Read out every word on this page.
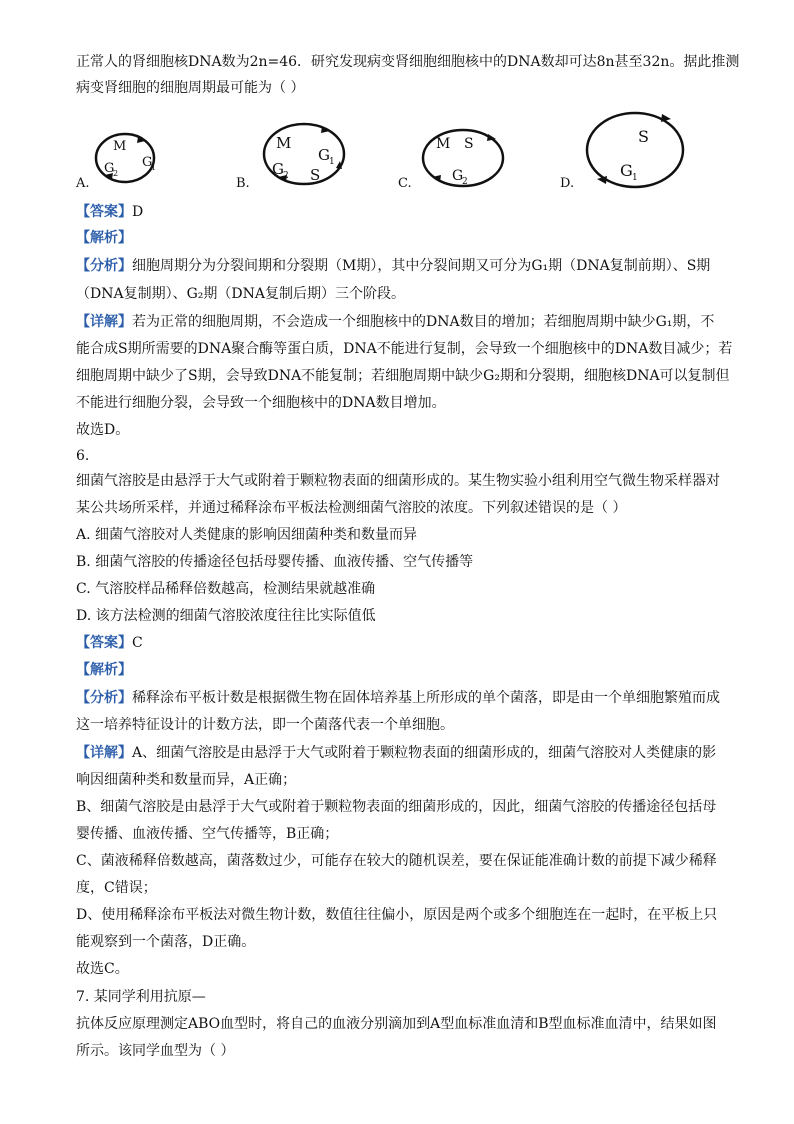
正常人的肾细胞核DNA数为2n=46．研究发现病变肾细胞细胞核中的DNA数却可达8n甚至32n。据此推测
病变肾细胞的细胞周期最可能为（ ）
M
G
2
G
1
A.
M
G 2 S
G 1
B.
M S
G
2
C.
S
G 1
D.
【答案】D
【解析】
【分析】细胞周期分为分裂间期和分裂期（M期），其中分裂间期又可分为G₁期（DNA复制前期）、S期
（DNA复制期）、G₂期（DNA复制后期）三个阶段。
【详解】若为正常的细胞周期，不会造成一个细胞核中的DNA数目的增加；若细胞周期中缺少G₁期，不
能合成S期所需要的DNA聚合酶等蛋白质，DNA不能进行复制，会导致一个细胞核中的DNA数目减少；若
细胞周期中缺少了S期，会导致DNA不能复制；若细胞周期中缺少G₂期和分裂期，细胞核DNA可以复制但
不能进行细胞分裂，会导致一个细胞核中的DNA数目增加。
故选D。
6.
细菌气溶胶是由悬浮于大气或附着于颗粒物表面的细菌形成的。某生物实验小组利用空气微生物采样器对
某公共场所采样，并通过稀释涂布平板法检测细菌气溶胶的浓度。下列叙述错误的是（ ）
A. 细菌气溶胶对人类健康的影响因细菌种类和数量而异
B. 细菌气溶胶的传播途径包括母婴传播、血液传播、空气传播等
C. 气溶胶样品稀释倍数越高，检测结果就越准确
D. 该方法检测的细菌气溶胶浓度往往比实际值低
【答案】C
【解析】
【分析】稀释涂布平板计数是根据微生物在固体培养基上所形成的单个菌落，即是由一个单细胞繁殖而成
这一培养特征设计的计数方法，即一个菌落代表一个单细胞。
【详解】A、细菌气溶胶是由悬浮于大气或附着于颗粒物表面的细菌形成的，细菌气溶胶对人类健康的影
响因细菌种类和数量而异，A正确；
B、细菌气溶胶是由悬浮于大气或附着于颗粒物表面的细菌形成的，因此，细菌气溶胶的传播途径包括母
婴传播、血液传播、空气传播等，B正确；
C、菌液稀释倍数越高，菌落数过少，可能存在较大的随机误差，要在保证能准确计数的前提下减少稀释
度，C错误；
D、使用稀释涂布平板法对微生物计数，数值往往偏小，原因是两个或多个细胞连在一起时，在平板上只
能观察到一个菌落，D正确。
故选C。
7. 某同学利用抗原—
抗体反应原理测定ABO血型时，将自己的血液分别滴加到A型血标准血清和B型血标准血清中，结果如图
所示。该同学血型为（ ）
